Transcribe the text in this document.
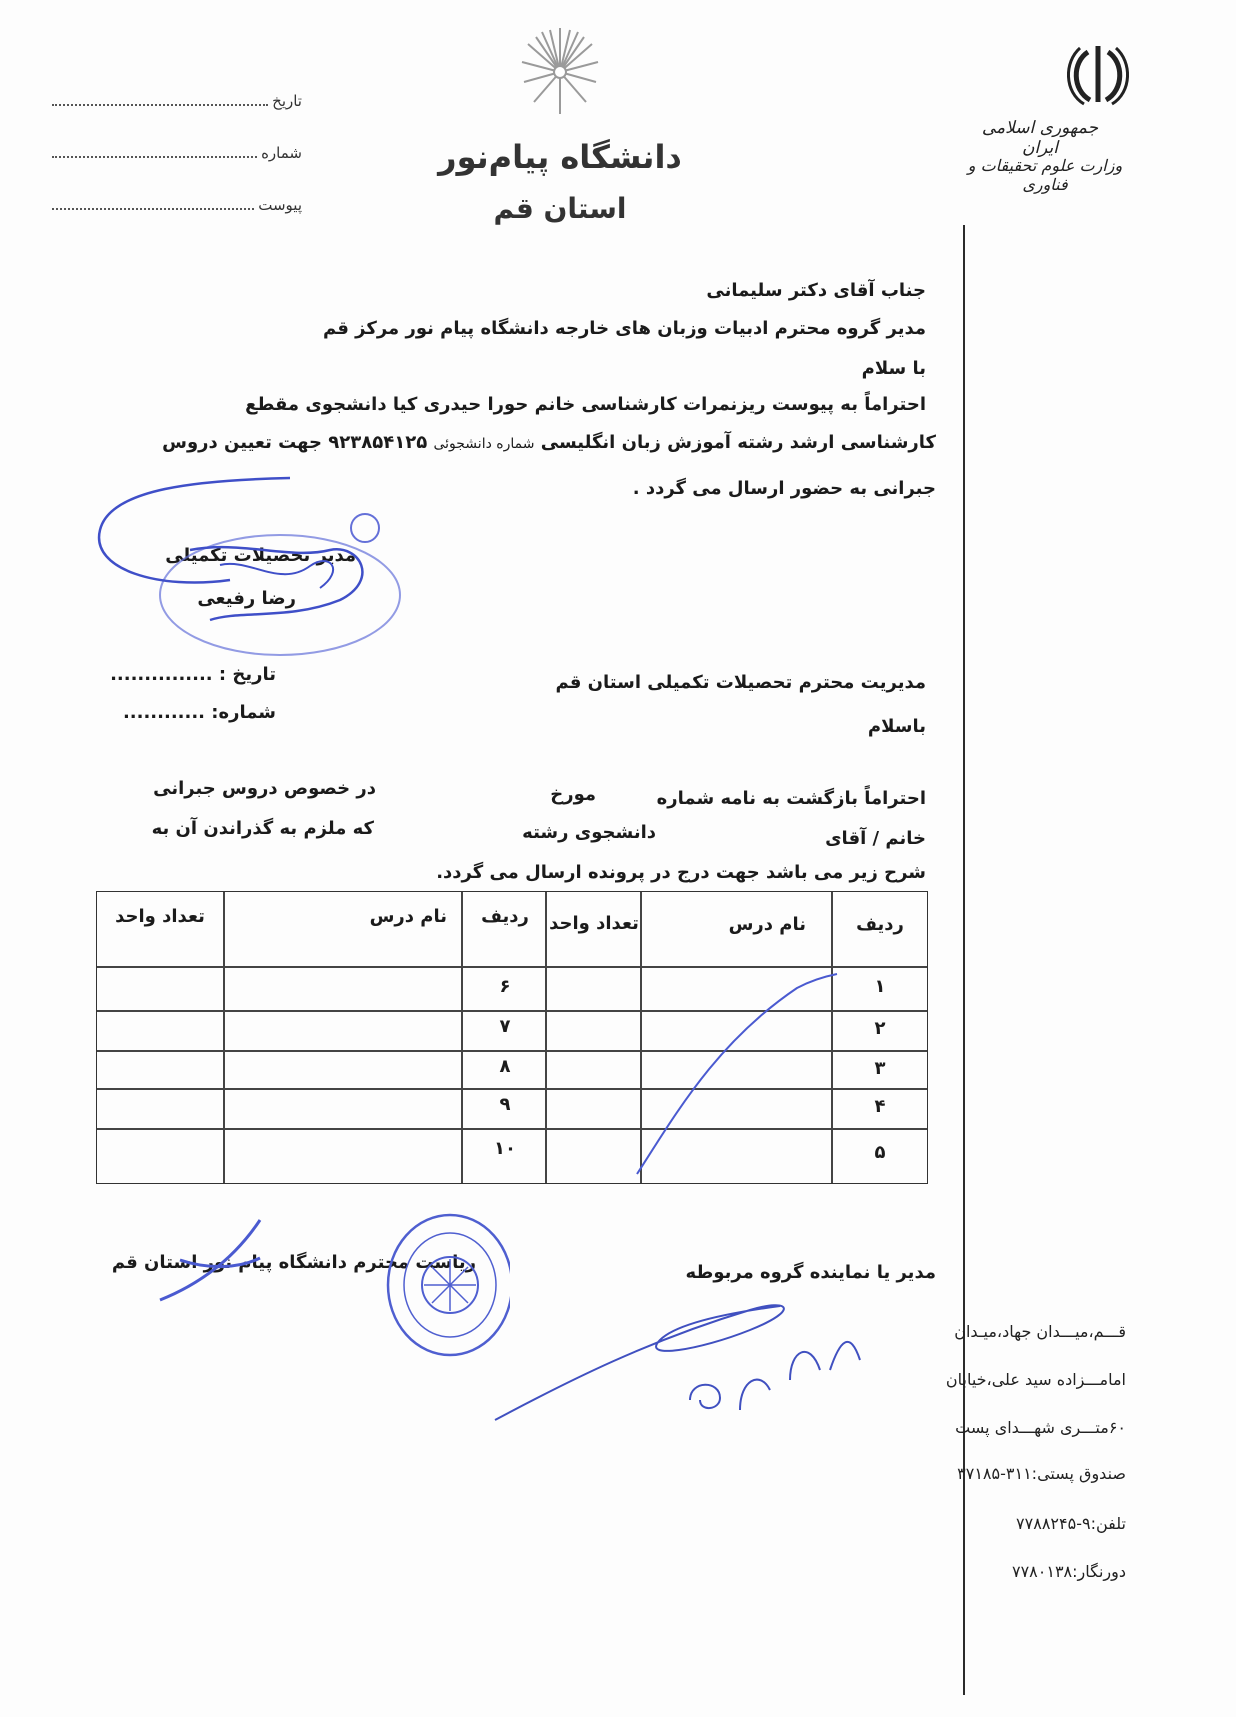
تاریخ
شماره
پیوست
دانشگاه پیام‌نور
استان قم
جمهوری اسلامی ایران
وزارت علوم تحقیقات و فناوری
جناب آقای دکتر سلیمانی
مدیر گروه محترم ادبیات وزبان های خارجه دانشگاه پیام نور مرکز قم
با سلام
احتراماً به پیوست ریزنمرات کارشناسی خانم حورا حیدری کیا دانشجوی مقطع
کارشناسی ارشد رشته آموزش زبان انگلیسی شماره دانشجوئی ۹۲۳۸۵۴۱۲۵ جهت تعیین دروس
جبرانی به حضور ارسال می گردد .
مدیر تحصیلات تکمیلی
رضا رفیعی
تاریخ : ...............
شماره: ............
مدیریت محترم تحصیلات تکمیلی استان قم
باسلام
احتراماً بازگشت به نامه شماره
مورخ
در خصوص دروس جبرانی
خانم / آقای
دانشجوی رشته
که ملزم به گذراندن آن به
شرح زیر می باشد جهت درج در پرونده ارسال می گردد.
ردیف
نام درس
تعداد واحد
ردیف
نام درس
تعداد واحد
۱
۲
۳
۴
۵
۶
۷
۸
۹
۱۰
مدیر یا نماینده گروه مربوطه
ریاست محترم دانشگاه پیام نور استان قم
قـــم،میـــدان جهاد،میـدان
امامـــزاده سید علی،خیابان
۶۰متـــری شهـــدای پست
صندوق پستی:۳۱۱-۳۷۱۸۵
تلفن:۹-۷۷۸۸۲۴۵
دورنگار:۷۷۸۰۱۳۸
